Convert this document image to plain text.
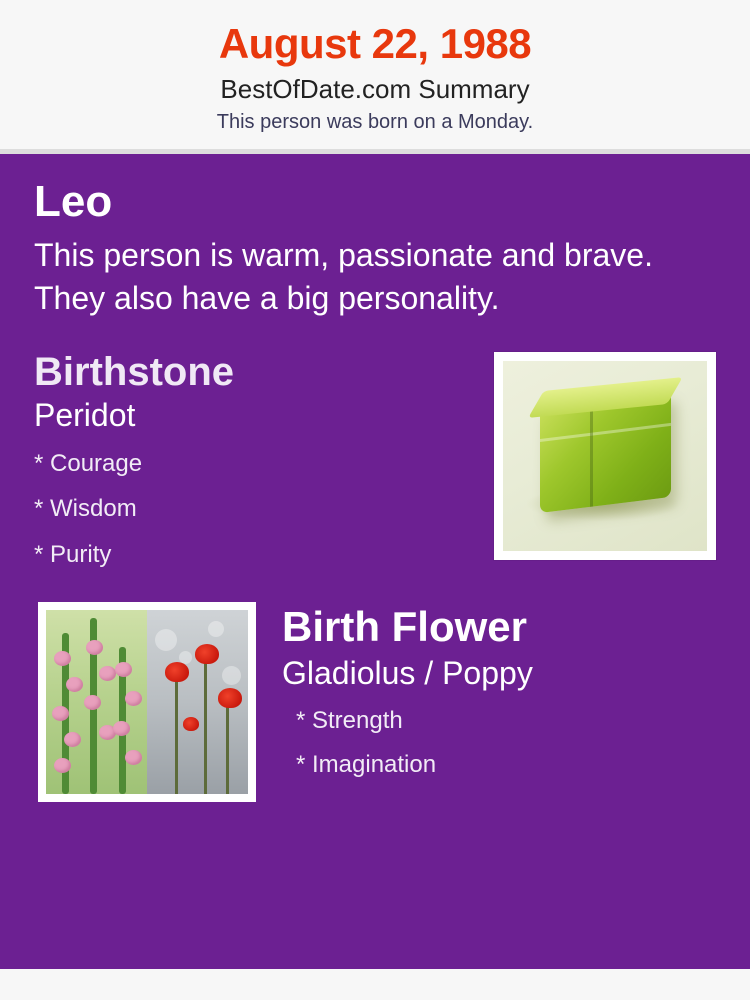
August 22, 1988
BestOfDate.com Summary
This person was born on a Monday.
Leo
This person is warm, passionate and brave. They also have a big personality.
Birthstone
Peridot
* Courage
* Wisdom
* Purity
Birth Flower
Gladiolus / Poppy
* Strength
* Imagination
